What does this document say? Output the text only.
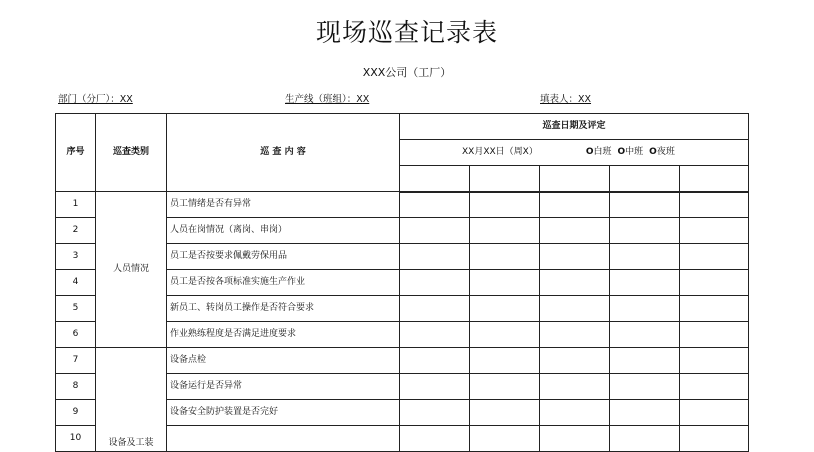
现场巡查记录表
XXX公司（工厂）
部门（分厂）：XX	生产线（班组）：XX	填表人：XX
序号	巡查类别	巡 查 内 容	巡查日期及评定				
			XX月XX日（周X） O白班 O中班 O夜班				

1	人员情况	员工情绪是否有异常					
2		人员在岗情况（离岗、串岗）					
3		员工是否按要求佩戴劳保用品					
4		员工是否按各项标准实施生产作业					
5		新员工、转岗员工操作是否符合要求					
6		作业熟练程度是否满足进度要求					
7	设备及工装	设备点检					
8		设备运行是否异常					
9		设备安全防护装置是否完好					
10							
